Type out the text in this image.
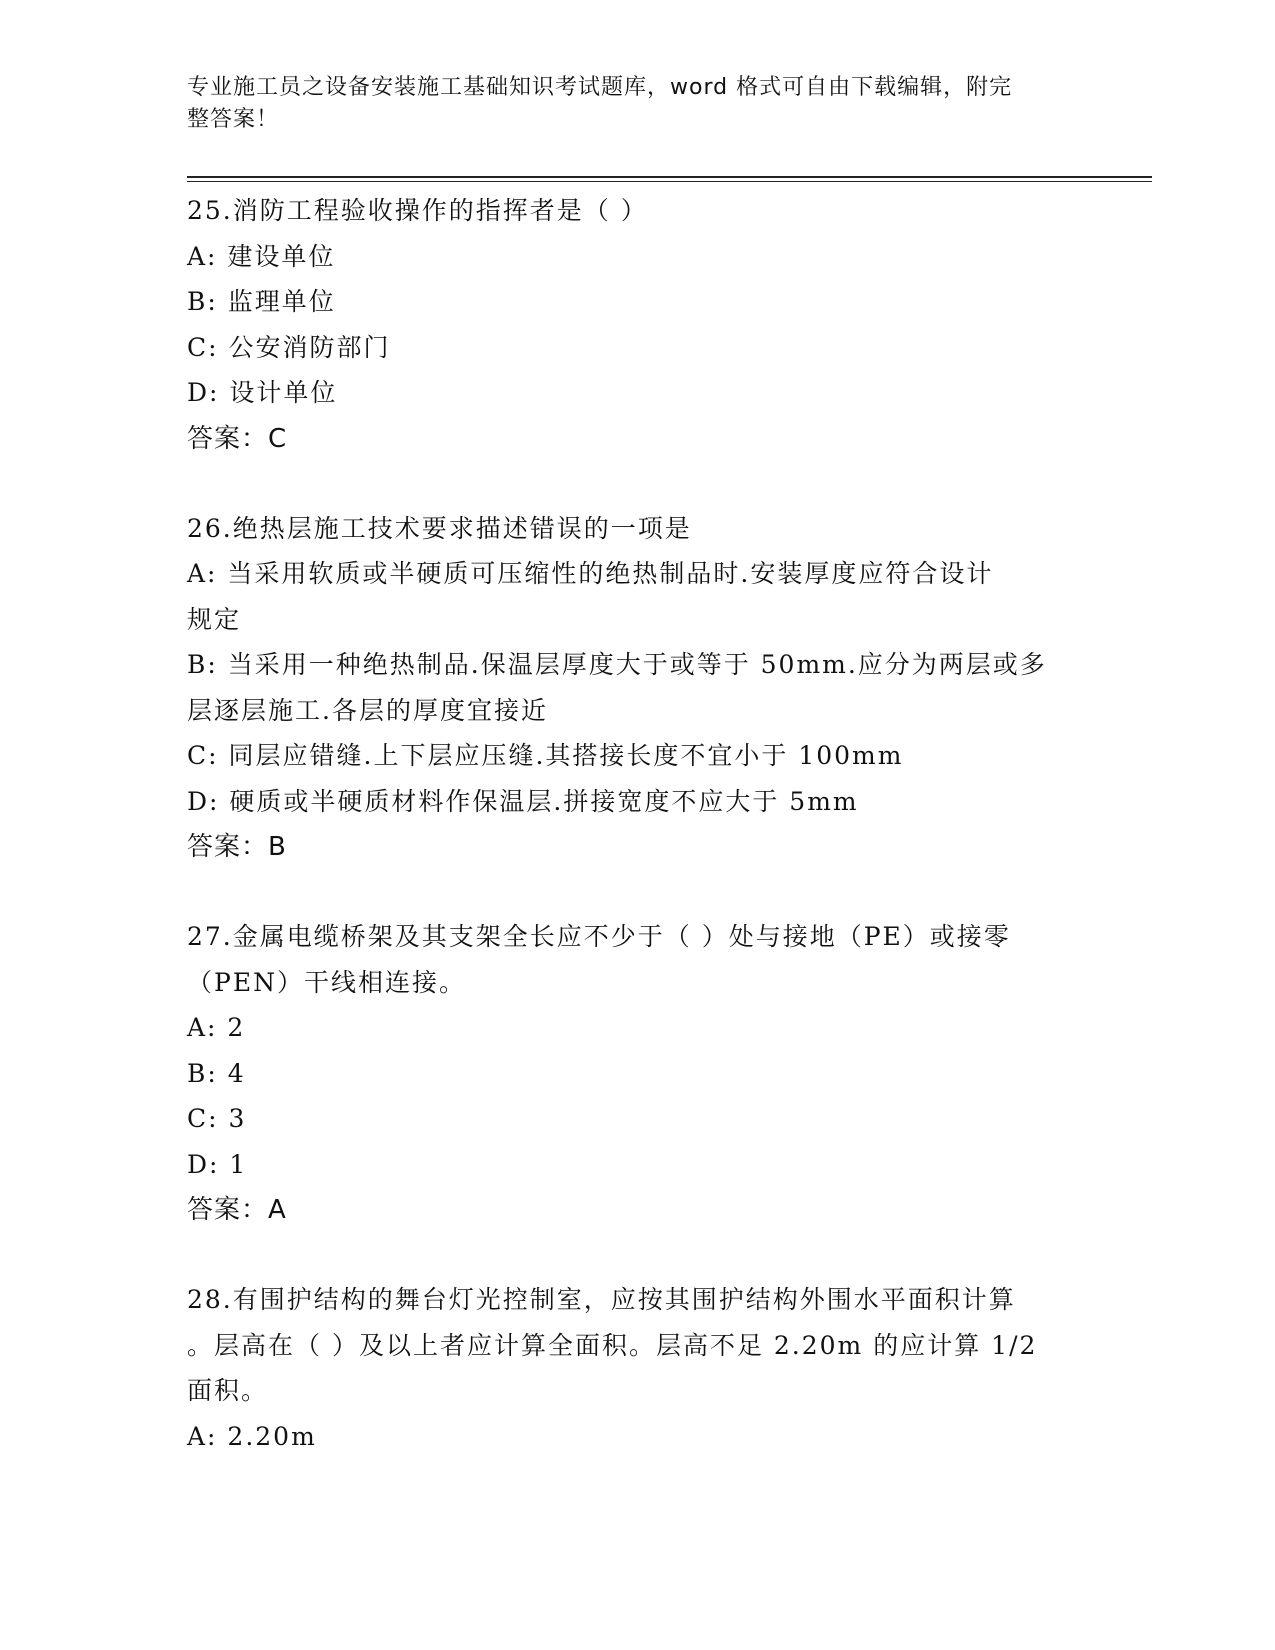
专业施工员之设备安装施工基础知识考试题库，word 格式可自由下载编辑，附完
整答案！
25.消防工程验收操作的指挥者是（ ）
A: 建设单位
B: 监理单位
C: 公安消防部门
D: 设计单位
答案：C
26.绝热层施工技术要求描述错误的一项是
A: 当采用软质或半硬质可压缩性的绝热制品时.安装厚度应符合设计
规定
B: 当采用一种绝热制品.保温层厚度大于或等于 50mm.应分为两层或多
层逐层施工.各层的厚度宜接近
C: 同层应错缝.上下层应压缝.其搭接长度不宜小于 100mm
D: 硬质或半硬质材料作保温层.拼接宽度不应大于 5mm
答案：B
27.金属电缆桥架及其支架全长应不少于（ ）处与接地（PE）或接零
（PEN）干线相连接。
A: 2
B: 4
C: 3
D: 1
答案：A
28.有围护结构的舞台灯光控制室，应按其围护结构外围水平面积计算
。层高在（ ）及以上者应计算全面积。层高不足 2.20m 的应计算 1/2
面积。
A: 2.20m
